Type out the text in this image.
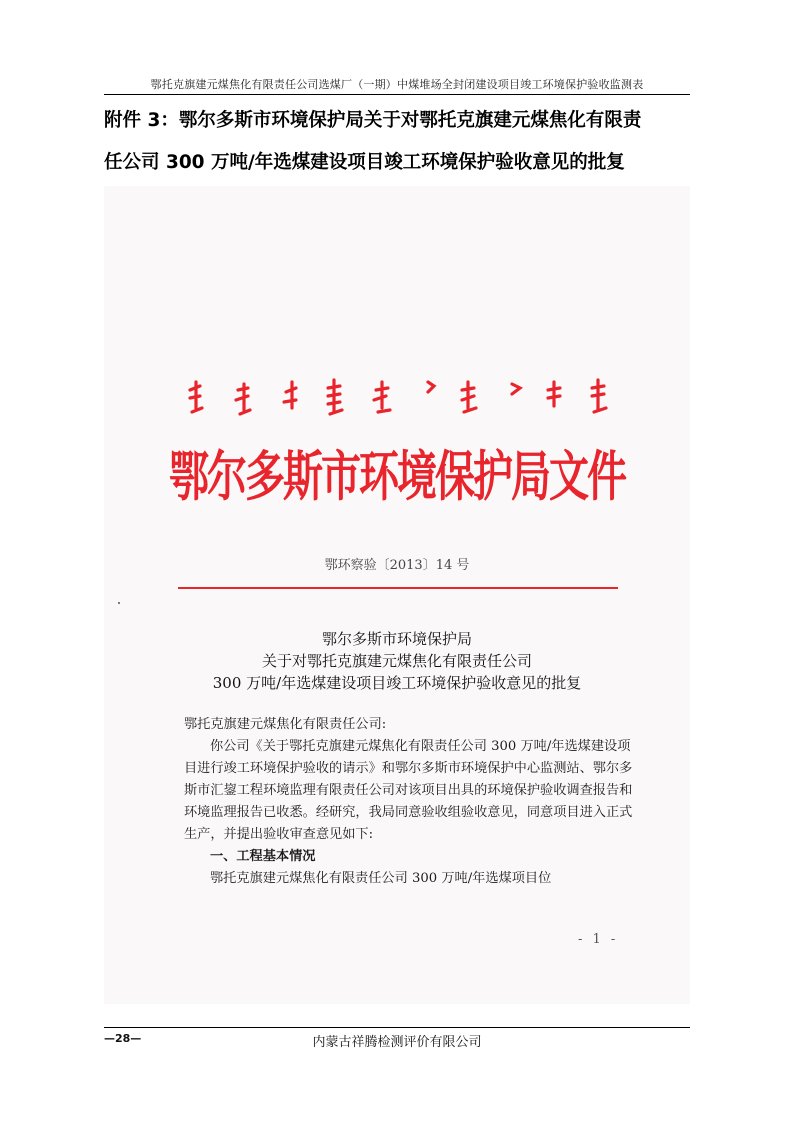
鄂托克旗建元煤焦化有限责任公司选煤厂（一期）中煤堆场全封闭建设项目竣工环境保护验收监测表
附件 3：鄂尔多斯市环境保护局关于对鄂托克旗建元煤焦化有限责
任公司 300 万吨/年选煤建设项目竣工环境保护验收意见的批复
鄂尔多斯市环境保护局文件
鄂环察验〔2013〕14 号
鄂尔多斯市环境保护局
关于对鄂托克旗建元煤焦化有限责任公司
300 万吨/年选煤建设项目竣工环境保护验收意见的批复

鄂托克旗建元煤焦化有限责任公司:

你公司《关于鄂托克旗建元煤焦化有限责任公司 300 万吨/年选煤建设项目进行竣工环境保护验收的请示》和鄂尔多斯市环境保护中心监测站、鄂尔多斯市汇鋆工程环境监理有限责任公司对该项目出具的环境保护验收调查报告和环境监理报告已收悉。经研究，我局同意验收组验收意见，同意项目进入正式生产，并提出验收审查意见如下:

一、工程基本情况

鄂托克旗建元煤焦化有限责任公司 300 万吨/年选煤项目位

- 1 -
—28—	内蒙古祥腾检测评价有限公司
